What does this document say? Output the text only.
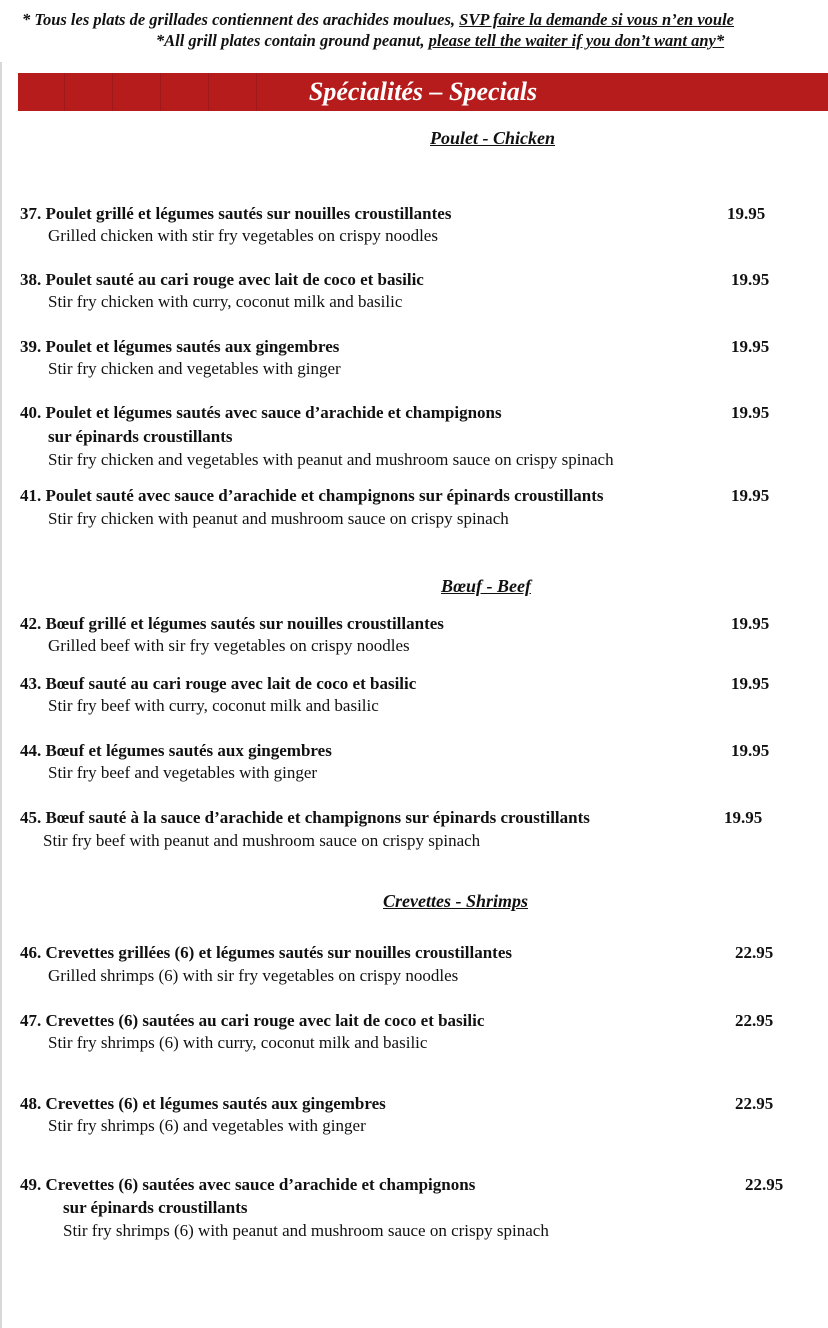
* Tous les plats de grillades contiennent des arachides moulues, SVP faire la demande si vous n’en voule
*All grill plates contain ground peanut, please tell the waiter if you don’t want any*
Spécialités – Specials
Poulet - Chicken
37. Poulet grillé et légumes sautés sur nouilles croustillantes
Grilled chicken with stir fry vegetables on crispy noodles
19.95
38. Poulet sauté au cari rouge avec lait de coco et basilic
Stir fry chicken with curry, coconut milk and basilic
19.95
39. Poulet et légumes sautés aux gingembres
Stir fry chicken and vegetables with ginger
19.95
40. Poulet et légumes sautés avec sauce d’arachide et champignons
sur épinards croustillants
Stir fry chicken and vegetables with peanut and mushroom sauce on crispy spinach
19.95
41. Poulet sauté avec sauce d’arachide et champignons sur épinards croustillants
Stir fry chicken with peanut and mushroom sauce on crispy spinach
19.95
Bœuf - Beef
42. Bœuf grillé et légumes sautés sur nouilles croustillantes
Grilled beef with sir fry vegetables on crispy noodles
19.95
43. Bœuf sauté au cari rouge avec lait de coco et basilic
Stir fry beef with curry, coconut milk and basilic
19.95
44. Bœuf et légumes sautés aux gingembres
Stir fry beef and vegetables with ginger
19.95
45. Bœuf sauté à la sauce d’arachide et champignons sur épinards croustillants
Stir fry beef with peanut and mushroom sauce on crispy spinach
19.95
Crevettes - Shrimps
46. Crevettes grillées (6) et légumes sautés sur nouilles croustillantes
Grilled shrimps (6) with sir fry vegetables on crispy noodles
22.95
47. Crevettes (6) sautées au cari rouge avec lait de coco et basilic
Stir fry shrimps (6) with curry, coconut milk and basilic
22.95
48. Crevettes (6) et légumes sautés aux gingembres
Stir fry shrimps (6) and vegetables with ginger
22.95
49. Crevettes (6) sautées avec sauce d’arachide et champignons
sur épinards croustillants
Stir fry shrimps (6) with peanut and mushroom sauce on crispy spinach
22.95
